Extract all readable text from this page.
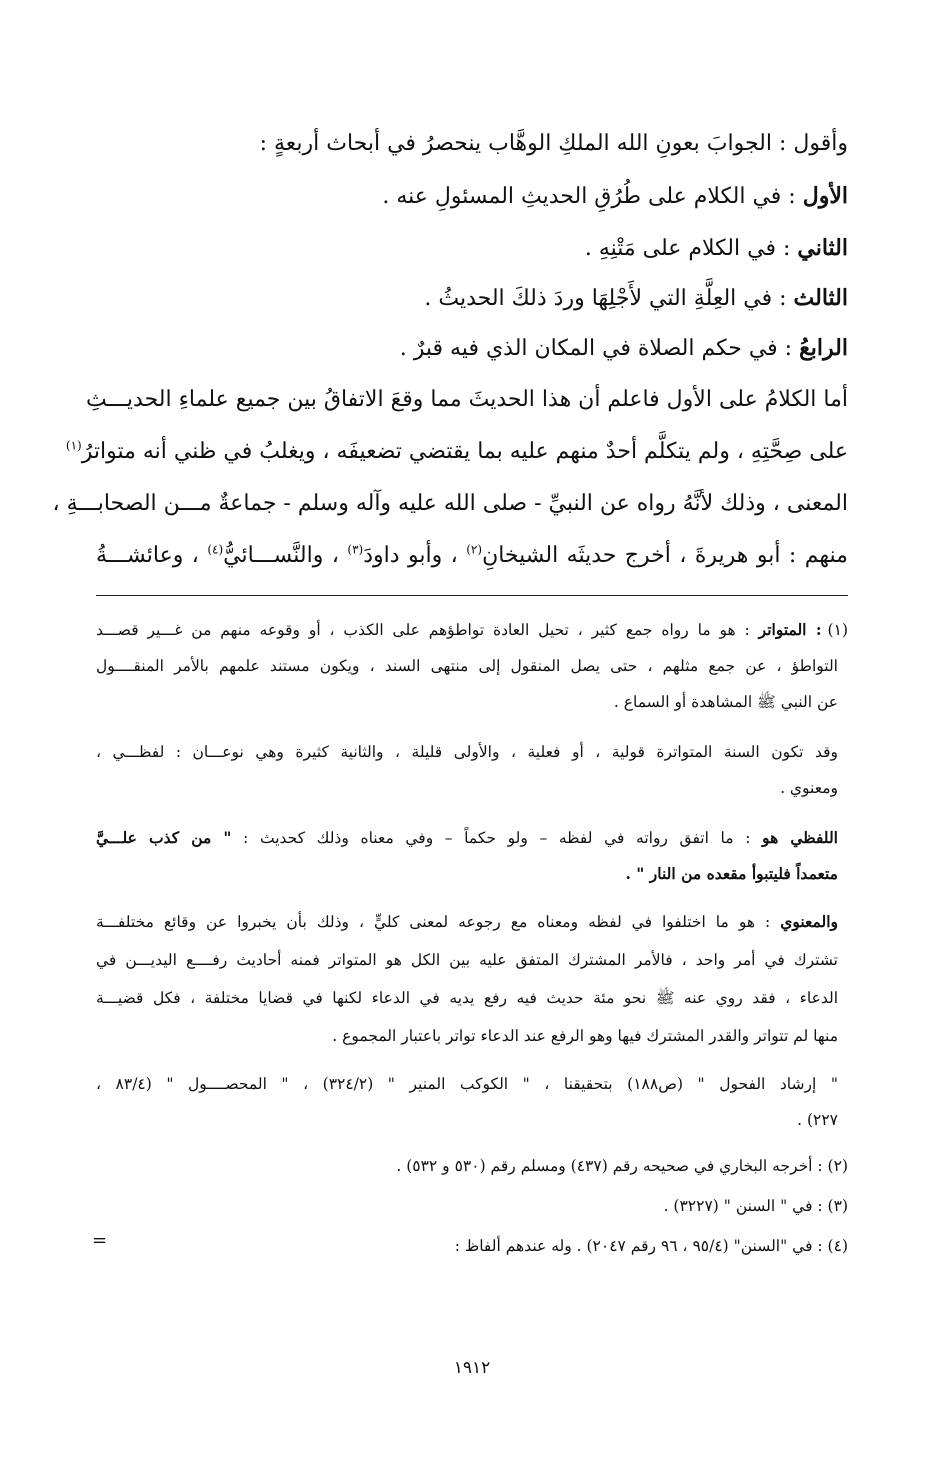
وأقول : الجوابَ بعونِ الله الملكِ الوهَّاب ينحصرُ في أبحاث أربعةٍ :
الأول : في الكلام على طُرُقِ الحديثِ المسئولِ عنه .
الثاني : في الكلام على مَتْنِهِ .
الثالث : في العِلَّةِ التي لأَجْلِهَا وردَ ذلكَ الحديثُ .
الرابعُ : في حكم الصلاة في المكان الذي فيه قبرٌ .
أما الكلامُ على الأول فاعلم أن هذا الحديثَ مما وقعَ الاتفاقُ بين جميع علماءِ الحديـــثِ
على صِحَّتِهِ ، ولم يتكلَّم أحدٌ منهم عليه بما يقتضي تضعيفَه ، ويغلبُ في ظني أنه متواترُ$^{(١)}$
المعنى ، وذلك لأنَّهُ رواه عن النبيِّ - صلى الله عليه وآله وسلم - جماعةٌ مـــن الصحابـــةِ ،
منهم : أبو هريرةَ ، أخرج حديثَه الشيخانِ$^{(٢)}$ ، وأبو داودَ$^{(٣)}$ ، والنَّســـائيُّ$^{(٤)}$ ، وعائشـــةُ
(١): المتواتر : هو ما رواه جمع كثير ، تحيل العادة تواطؤهم على الكذب ، أو وقوعه منهم من غـــير قصـــد
التواطؤ ، عن جمع مثلهم ، حتى يصل المنقول إلى منتهى السند ، ويكون مستند علمهم بالأمر المنقــــول
عن النبي ﷺ المشاهدة أو السماع .
وقد تكون السنة المتواترة قولية ، أو فعلية ، والأولى قليلة ، والثانية كثيرة وهي نوعـــان : لفظـــي ،
ومعنوي .
اللفظي هو : ما اتفق رواته في لفظه – ولو حكماً – وفي معناه وذلك كحديث : " من كذب علـــيَّ
متعمداً فليتبوأ مقعده من النار " .
والمعنوي : هو ما اختلفوا في لفظه ومعناه مع رجوعه لمعنى كليٍّ ، وذلك بأن يخبروا عن وقائع مختلفـــة
تشترك في أمر واحد ، فالأمر المشترك المتفق عليه بين الكل هو المتواتر فمنه أحاديث رفــــع اليديـــن في
الدعاء ، فقد روي عنه ﷺ نحو مئة حديث فيه رفع يديه في الدعاء لكنها في قضايا مختلفة ، فكل قضيـــة
منها لم تتواتر والقدر المشترك فيها وهو الرفع عند الدعاء تواتر باعتبار المجموع .
" إرشاد الفحول " (ص١٨٨) بتحقيقنا ، " الكوكب المنير " (٣٢٤/٢) ، " المحصــــول " (٨٣/٤ ،
٢٢٧) .
(٢) : أخرجه البخاري في صحيحه رقم (٤٣٧) ومسلم رقم (٥٣٠ و ٥٣٢) .
(٣) : في " السنن " (٣٢٢٧) .
(٤) : في "السنن" (٩٥/٤ ، ٩٦ رقم ٢٠٤٧) . وله عندهم ألفاظ :
=
١٩١٢
